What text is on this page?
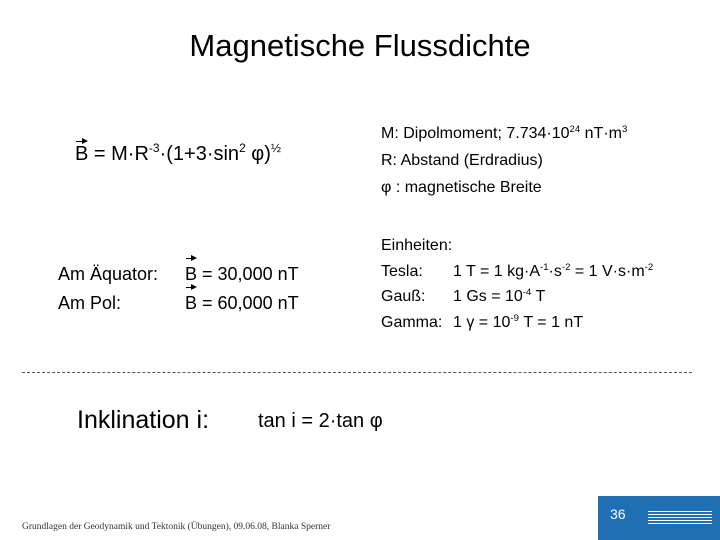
Magnetische Flussdichte
$B = M\cdot R^{-3}\cdot(1+3\cdot\sin^2$ φ)$^{\frac{1}{2}}$
M: Dipolmoment; $7.734\cdot 10^{24}$ $nT\cdot m^3$
R: Abstand (Erdradius)
φ : magnetische Breite
Am Äquator: B = 30,000 nT
Am Pol:	B = 60,000 nT
Einheiten:
Tesla: 1 T = 1 $kg\cdot A^{-1}\cdot s^{-2} = 1$ $V\cdot s\cdot m^{-2}$
Gauß: 1 $Gs = 10^{-4}$ T
Gamma: 1 $\gamma = 10^{-9}$ T = 1 nT
Inklination i: tan i = 2·tan φ
Grundlagen der Geodynamik und Tektonik (Übungen), 09.06.08, Blanka Sperner
36
